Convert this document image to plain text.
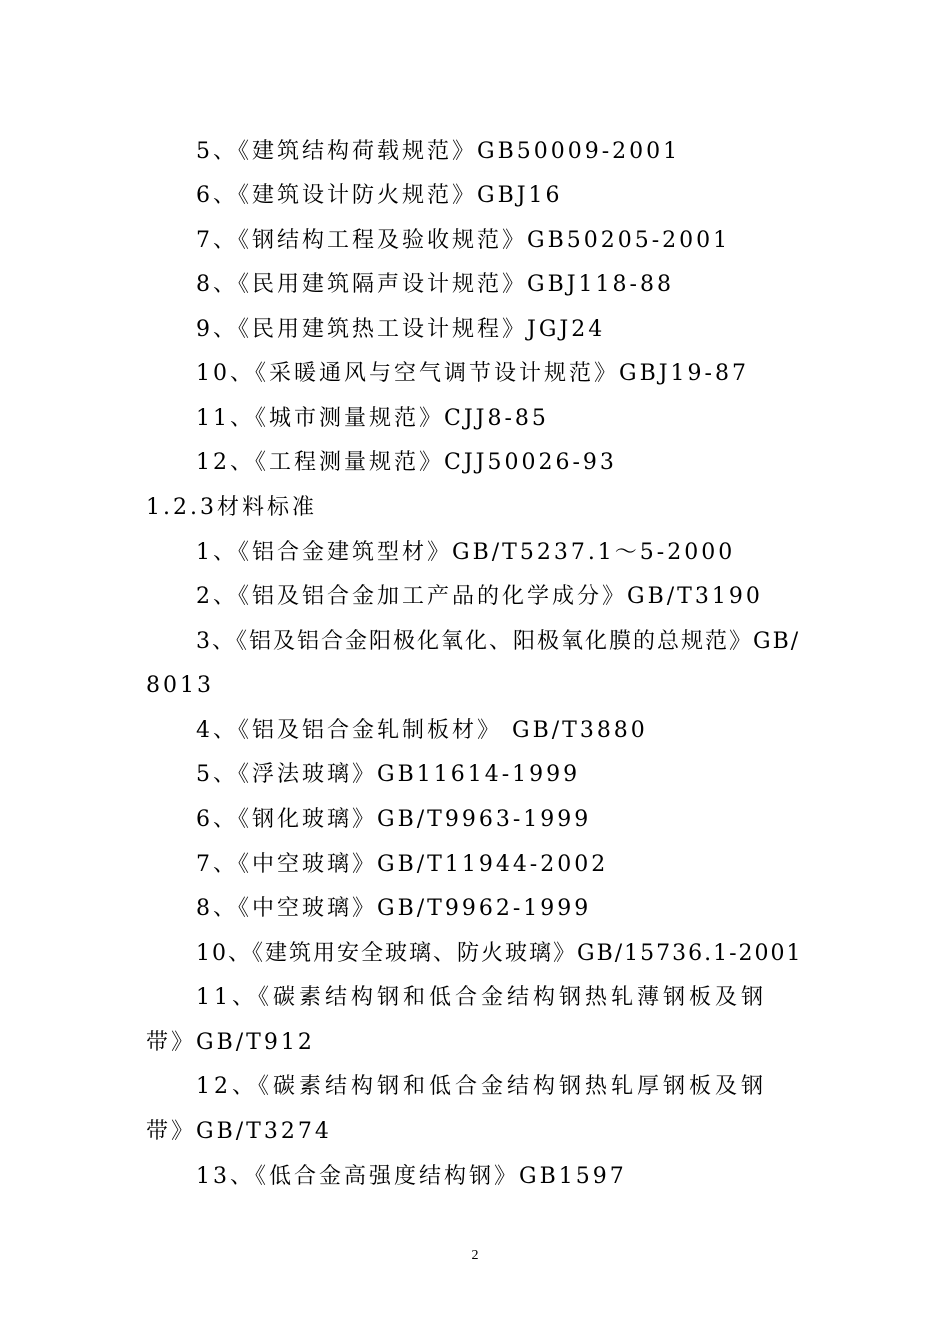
5、《建筑结构荷载规范》GB50009-2001
6、《建筑设计防火规范》GBJ16
7、《钢结构工程及验收规范》GB50205-2001
8、《民用建筑隔声设计规范》GBJ118-88
9、《民用建筑热工设计规程》JGJ24
10、《采暖通风与空气调节设计规范》GBJ19-87
11、《城市测量规范》CJJ8-85
12、《工程测量规范》CJJ50026-93
1.2.3材料标准
1、《铝合金建筑型材》GB/T5237.1～5-2000
2、《铝及铝合金加工产品的化学成分》GB/T3190
3、《铝及铝合金阳极化氧化、阳极氧化膜的总规范》GB/
8013
4、《铝及铝合金轧制板材》 GB/T3880
5、《浮法玻璃》GB11614-1999
6、《钢化玻璃》GB/T9963-1999
7、《中空玻璃》GB/T11944-2002
8、《中空玻璃》GB/T9962-1999
10、《建筑用安全玻璃、防火玻璃》GB/15736.1-2001
11、《碳素结构钢和低合金结构钢热轧薄钢板及钢
带》GB/T912
12、《碳素结构钢和低合金结构钢热轧厚钢板及钢
带》GB/T3274
13、《低合金高强度结构钢》GB1597
2
